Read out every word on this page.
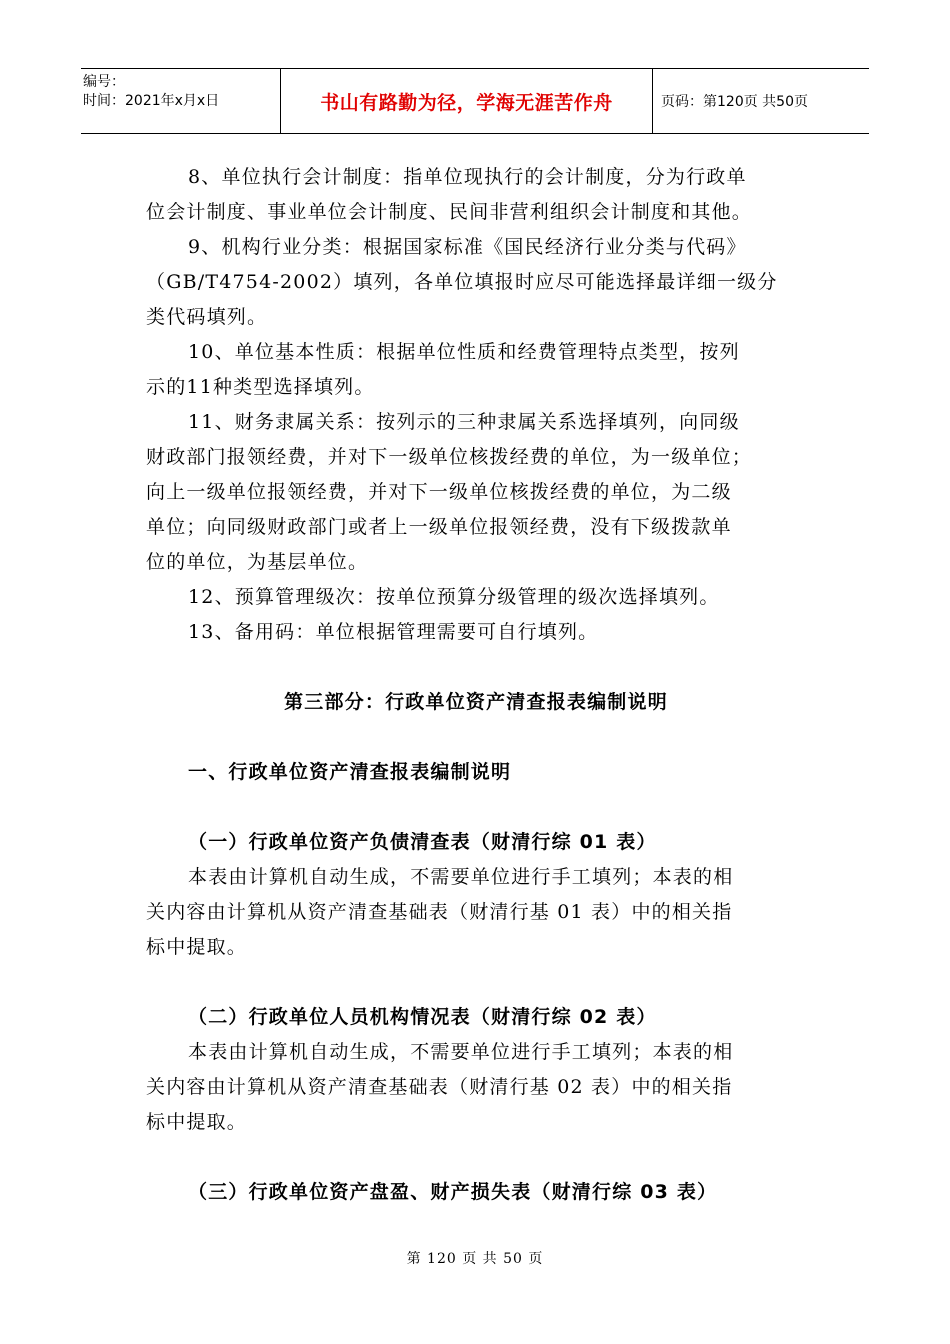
编号：
时间：2021年x月x日	书山有路勤为径，学海无涯苦作舟	页码：第120页 共50页
8、单位执行会计制度：指单位现执行的会计制度，分为行政单
位会计制度、事业单位会计制度、民间非营利组织会计制度和其他。
9、机构行业分类：根据国家标准《国民经济行业分类与代码》
（GB/T4754-2002）填列，各单位填报时应尽可能选择最详细一级分
类代码填列。
10、单位基本性质：根据单位性质和经费管理特点类型，按列
示的11种类型选择填列。
11、财务隶属关系：按列示的三种隶属关系选择填列，向同级
财政部门报领经费，并对下一级单位核拨经费的单位，为一级单位；
向上一级单位报领经费，并对下一级单位核拨经费的单位，为二级
单位；向同级财政部门或者上一级单位报领经费，没有下级拨款单
位的单位，为基层单位。
12、预算管理级次：按单位预算分级管理的级次选择填列。
13、备用码：单位根据管理需要可自行填列。
第三部分：行政单位资产清查报表编制说明
一、行政单位资产清查报表编制说明
（一）行政单位资产负债清查表（财清行综 01 表）
本表由计算机自动生成，不需要单位进行手工填列；本表的相
关内容由计算机从资产清查基础表（财清行基 01 表）中的相关指
标中提取。
（二）行政单位人员机构情况表（财清行综 02 表）
本表由计算机自动生成，不需要单位进行手工填列；本表的相
关内容由计算机从资产清查基础表（财清行基 02 表）中的相关指
标中提取。
（三）行政单位资产盘盈、财产损失表（财清行综 03 表）
第 120 页 共 50 页
